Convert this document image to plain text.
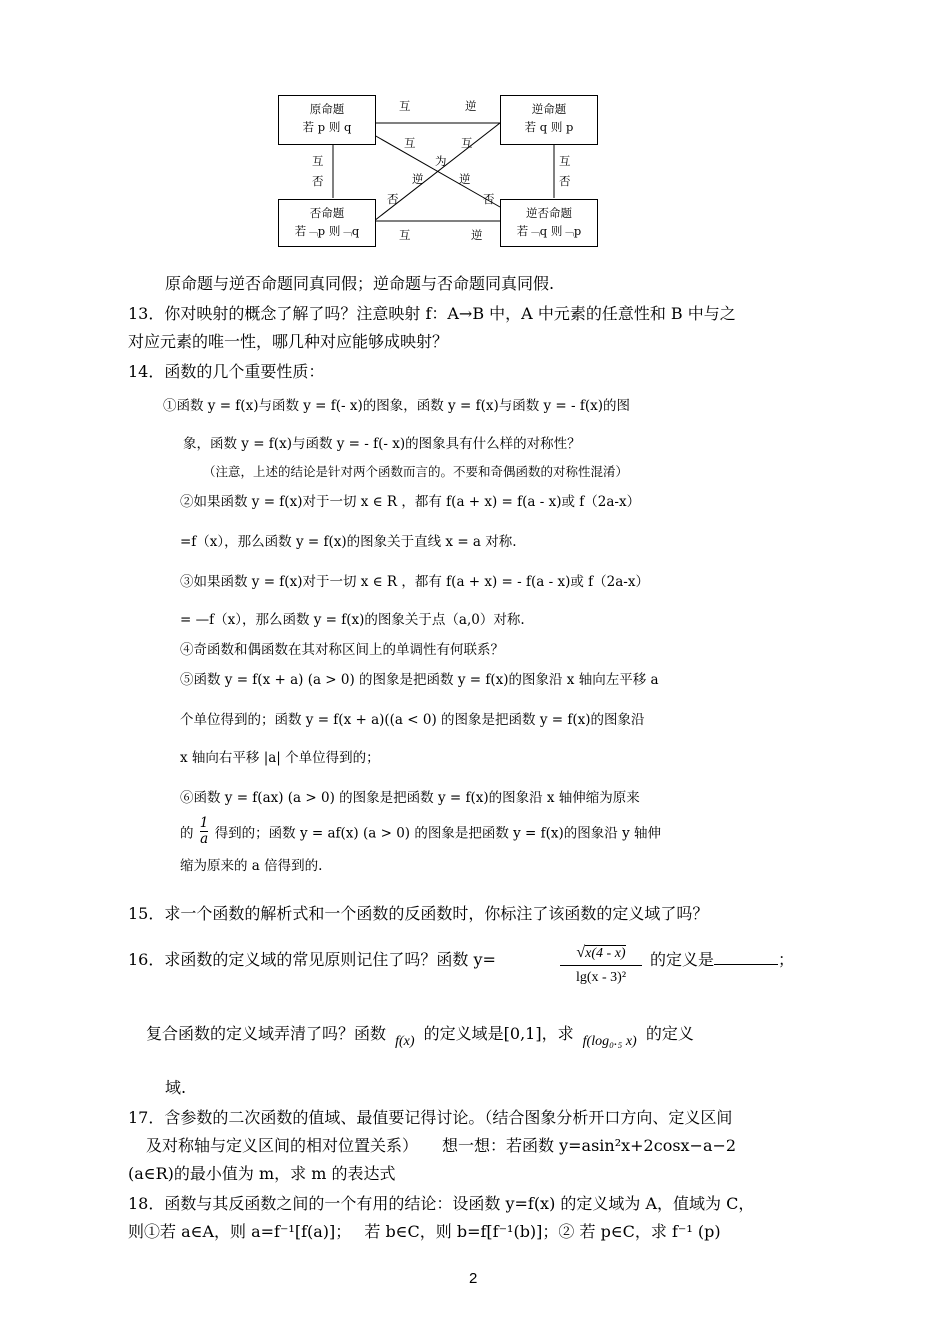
原命题
若 p 则 q
逆命题
若 q 则 p
否命题
若﹁p 则﹁q
逆否命题
若﹁q 则﹁p
互	逆
互
否
互
否
互	互
为
逆	逆
否	否
互	逆
原命题与逆否命题同真同假；逆命题与否命题同真同假.
13．你对映射的概念了解了吗？注意映射 f：A→B 中，A 中元素的任意性和 B 中与之
对应元素的唯一性，哪几种对应能够成映射？
14．函数的几个重要性质：
①函数 y = f(x)与函数 y = f(- x)的图象，函数 y = f(x)与函数 y = - f(x)的图
象，函数 y = f(x)与函数 y = - f(- x)的图象具有什么样的对称性？
（注意，上述的结论是针对两个函数而言的。不要和奇偶函数的对称性混淆）
②如果函数 y = f(x)对于一切 x ∈ R ，都有 f(a + x) = f(a - x)或 f（2a-x）
=f（x），那么函数 y = f(x)的图象关于直线 x = a 对称.
③如果函数 y = f(x)对于一切 x ∈ R ，都有 f(a + x) = - f(a - x)或 f（2a-x）
= —f（x），那么函数 y = f(x)的图象关于点（a,0）对称.
④奇函数和偶函数在其对称区间上的单调性有何联系？
⑤函数 y = f(x + a) (a > 0) 的图象是把函数 y = f(x)的图象沿 x 轴向左平移 a
个单位得到的；函数 y = f(x + a)((a < 0) 的图象是把函数 y = f(x)的图象沿
x 轴向右平移 |a| 个单位得到的；
⑥函数 y = f(ax) (a > 0) 的图象是把函数 y = f(x)的图象沿 x 轴伸缩为原来
的 $\frac{1}{a}$ 得到的；函数 y = af(x) (a > 0) 的图象是把函数 y = f(x)的图象沿 y 轴伸
缩为原来的 a 倍得到的.
15．求一个函数的解析式和一个函数的反函数时，你标注了该函数的定义域了吗？
16．求函数的定义域的常见原则记住了吗？函数 y=	$\frac{√x(4 - x)}{\text{lg(x - 3)²}}$ 的定义是	；
复合函数的定义域弄清了吗？函数 f(x) 的定义域是[0,1]，求 f(log₀.₅ x) 的定义
域.
17．含参数的二次函数的值域、最值要记得讨论。（结合图象分析开口方向、定义区间
及对称轴与定义区间的相对位置关系）　　想一想：若函数 y=asin²x+2cosx−a−2
(a∈R)的最小值为 m，求 m 的表达式
18．函数与其反函数之间的一个有用的结论：设函数 y=f(x) 的定义域为 A，值域为 C，
则①若 a∈A，则 a=f⁻¹[f(a)]；　 若 b∈C，则 b=f[f⁻¹(b)]；② 若 p∈C，求 f⁻¹ (p)
2
